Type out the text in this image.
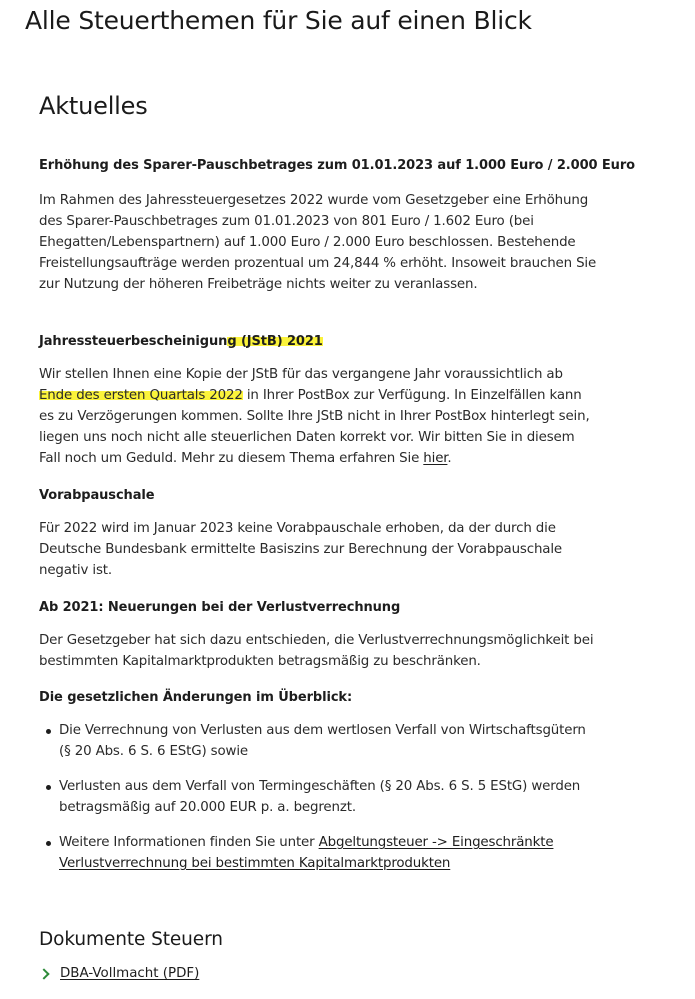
Alle Steuerthemen für Sie auf einen Blick
Aktuelles

Erhöhung des Sparer-Pauschbetrages zum 01.01.2023 auf 1.000 Euro / 2.000 Euro

Im Rahmen des Jahressteuergesetzes 2022 wurde vom Gesetzgeber eine Erhöhung des Sparer-Pauschbetrages zum 01.01.2023 von 801 Euro / 1.602 Euro (bei Ehegatten/Lebenspartnern) auf 1.000 Euro / 2.000 Euro beschlossen. Bestehende Freistellungsaufträge werden prozentual um 24,844 % erhöht. Insoweit brauchen Sie zur Nutzung der höheren Freibeträge nichts weiter zu veranlassen.

Jahressteuerbescheinigung (JStB) 2021

Wir stellen Ihnen eine Kopie der JStB für das vergangene Jahr voraussichtlich ab Ende des ersten Quartals 2022 in Ihrer PostBox zur Verfügung. In Einzelfällen kann es zu Verzögerungen kommen. Sollte Ihre JStB nicht in Ihrer PostBox hinterlegt sein, liegen uns noch nicht alle steuerlichen Daten korrekt vor. Wir bitten Sie in diesem Fall noch um Geduld. Mehr zu diesem Thema erfahren Sie hier.

Vorabpauschale

Für 2022 wird im Januar 2023 keine Vorabpauschale erhoben, da der durch die Deutsche Bundesbank ermittelte Basiszins zur Berechnung der Vorabpauschale negativ ist.

Ab 2021: Neuerungen bei der Verlustverrechnung

Der Gesetzgeber hat sich dazu entschieden, die Verlustverrechnungsmöglichkeit bei bestimmten Kapitalmarktprodukten betragsmäßig zu beschränken.

Die gesetzlichen Änderungen im Überblick:

Die Verrechnung von Verlusten aus dem wertlosen Verfall von Wirtschaftsgütern (§ 20 Abs. 6 S. 6 EStG) sowie
Verlusten aus dem Verfall von Termingeschäften (§ 20 Abs. 6 S. 5 EStG) werden betragsmäßig auf 20.000 EUR p. a. begrenzt.
Weitere Informationen finden Sie unter Abgeltungsteuer -> Eingeschränkte Verlustverrechnung bei bestimmten Kapitalmarktprodukten
Dokumente Steuern
DBA-Vollmacht (PDF)
